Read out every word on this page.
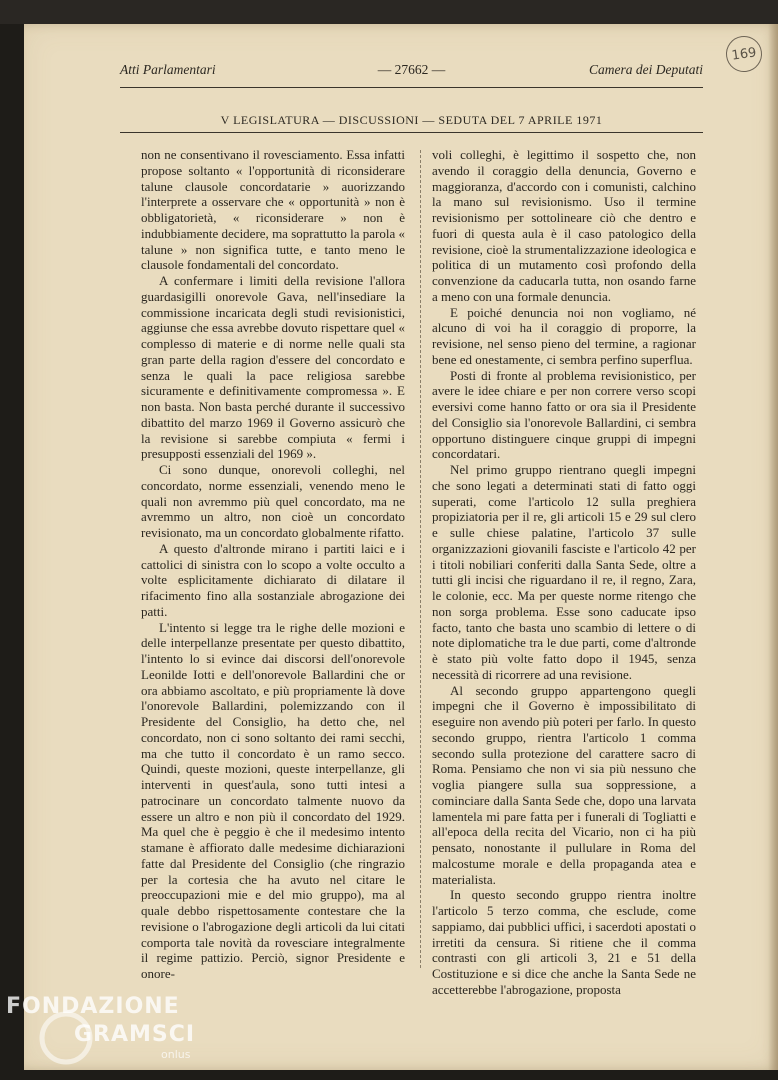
169
Atti Parlamentari	— 27662 —	Camera dei Deputati
V LEGISLATURA — DISCUSSIONI — SEDUTA DEL 7 APRILE 1971

non ne consentivano il rovesciamento. Essa infatti propose soltanto « l'opportunità di riconsiderare talune clausole concordatarie » auorizzando l'interprete a osservare che « opportunità » non è obbligatorietà, « riconsiderare » non è indubbiamente decidere, ma soprattutto la parola « talune » non significa tutte, e tanto meno le clausole fondamentali del concordato.

A confermare i limiti della revisione l'allora guardasigilli onorevole Gava, nell'insediare la commissione incaricata degli studi revisionistici, aggiunse che essa avrebbe dovuto rispettare quel « complesso di materie e di norme nelle quali sta gran parte della ragion d'essere del concordato e senza le quali la pace religiosa sarebbe sicuramente e definitivamente compromessa ». E non basta. Non basta perché durante il successivo dibattito del marzo 1969 il Governo assicurò che la revisione si sarebbe compiuta « fermi i presupposti essenziali del 1969 ».

Ci sono dunque, onorevoli colleghi, nel concordato, norme essenziali, venendo meno le quali non avremmo più quel concordato, ma ne avremmo un altro, non cioè un concordato revisionato, ma un concordato globalmente rifatto.

A questo d'altronde mirano i partiti laici e i cattolici di sinistra con lo scopo a volte occulto a volte esplicitamente dichiarato di dilatare il rifacimento fino alla sostanziale abrogazione dei patti.

L'intento si legge tra le righe delle mozioni e delle interpellanze presentate per questo dibattito, l'intento lo si evince dai discorsi dell'onorevole Leonilde Iotti e dell'onorevole Ballardini che or ora abbiamo ascoltato, e più propriamente là dove l'onorevole Ballardini, polemizzando con il Presidente del Consiglio, ha detto che, nel concordato, non ci sono soltanto dei rami secchi, ma che tutto il concordato è un ramo secco. Quindi, queste mozioni, queste interpellanze, gli interventi in quest'aula, sono tutti intesi a patrocinare un concordato talmente nuovo da essere un altro e non più il concordato del 1929. Ma quel che è peggio è che il medesimo intento stamane è affiorato dalle medesime dichiarazioni fatte dal Presidente del Consiglio (che ringrazio per la cortesia che ha avuto nel citare le preoccupazioni mie e del mio gruppo), ma al quale debbo rispettosamente contestare che la revisione o l'abrogazione degli articoli da lui citati comporta tale novità da rovesciare integralmente il regime pattizio. Perciò, signor Presidente e onore-

voli colleghi, è legittimo il sospetto che, non avendo il coraggio della denuncia, Governo e maggioranza, d'accordo con i comunisti, calchino la mano sul revisionismo. Uso il termine revisionismo per sottolineare ciò che dentro e fuori di questa aula è il caso patologico della revisione, cioè la strumentalizzazione ideologica e politica di un mutamento così profondo della convenzione da caducarla tutta, non osando farne a meno con una formale denuncia.

E poiché denuncia noi non vogliamo, né alcuno di voi ha il coraggio di proporre, la revisione, nel senso pieno del termine, a ragionar bene ed onestamente, ci sembra perfino superflua.

Posti di fronte al problema revisionistico, per avere le idee chiare e per non correre verso scopi eversivi come hanno fatto or ora sia il Presidente del Consiglio sia l'onorevole Ballardini, ci sembra opportuno distinguere cinque gruppi di impegni concordatari.

Nel primo gruppo rientrano quegli impegni che sono legati a determinati stati di fatto oggi superati, come l'articolo 12 sulla preghiera propiziatoria per il re, gli articoli 15 e 29 sul clero e sulle chiese palatine, l'articolo 37 sulle organizzazioni giovanili fasciste e l'articolo 42 per i titoli nobiliari conferiti dalla Santa Sede, oltre a tutti gli incisi che riguardano il re, il regno, Zara, le colonie, ecc. Ma per queste norme ritengo che non sorga problema. Esse sono caducate ipso facto, tanto che basta uno scambio di lettere o di note diplomatiche tra le due parti, come d'altronde è stato più volte fatto dopo il 1945, senza necessità di ricorrere ad una revisione.

Al secondo gruppo appartengono quegli impegni che il Governo è impossibilitato di eseguire non avendo più poteri per farlo. In questo secondo gruppo, rientra l'articolo 1 comma secondo sulla protezione del carattere sacro di Roma. Pensiamo che non vi sia più nessuno che voglia piangere sulla sua soppressione, a cominciare dalla Santa Sede che, dopo una larvata lamentela mi pare fatta per i funerali di Togliatti e all'epoca della recita del Vicario, non ci ha più pensato, nonostante il pullulare in Roma del malcostume morale e della propaganda atea e materialista.

In questo secondo gruppo rientra inoltre l'articolo 5 terzo comma, che esclude, come sappiamo, dai pubblici uffici, i sacerdoti apostati o irretiti da censura. Si ritiene che il comma contrasti con gli articoli 3, 21 e 51 della Costituzione e si dice che anche la Santa Sede ne accetterebbe l'abrogazione, proposta

FONDAZIONE
GRAMSCI
onlus
